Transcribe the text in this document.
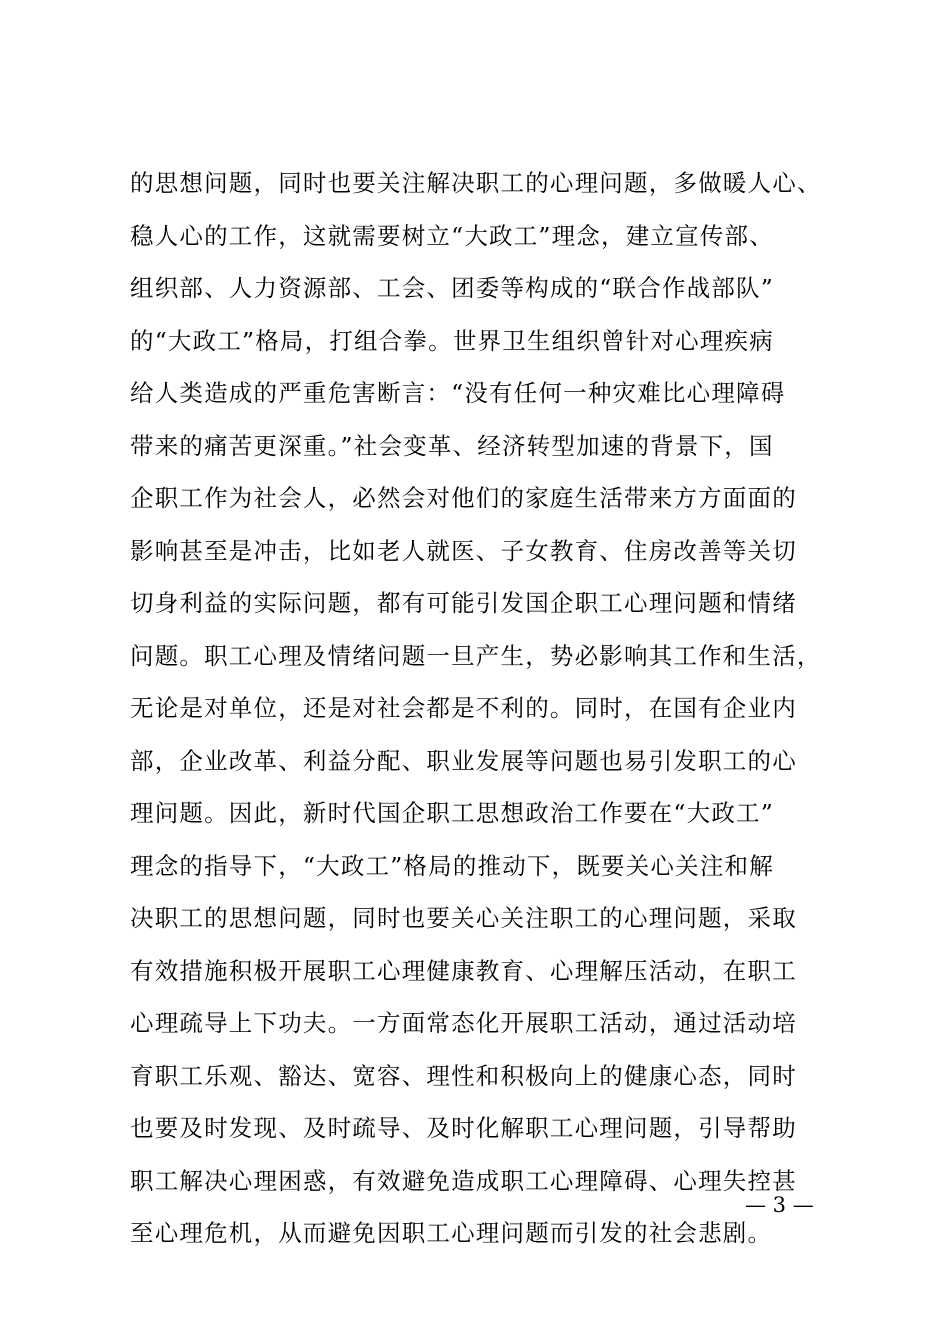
的思想问题，同时也要关注解决职工的心理问题，多做暖人心、
稳人心的工作，这就需要树立“大政工”理念，建立宣传部、
组织部、人力资源部、工会、团委等构成的“联合作战部队”
的“大政工”格局，打组合拳。世界卫生组织曾针对心理疾病
给人类造成的严重危害断言：“没有任何一种灾难比心理障碍
带来的痛苦更深重。”社会变革、经济转型加速的背景下，国
企职工作为社会人，必然会对他们的家庭生活带来方方面面的
影响甚至是冲击，比如老人就医、子女教育、住房改善等关切
切身利益的实际问题，都有可能引发国企职工心理问题和情绪
问题。职工心理及情绪问题一旦产生，势必影响其工作和生活，
无论是对单位，还是对社会都是不利的。同时，在国有企业内
部，企业改革、利益分配、职业发展等问题也易引发职工的心
理问题。因此，新时代国企职工思想政治工作要在“大政工”
理念的指导下，“大政工”格局的推动下，既要关心关注和解
决职工的思想问题，同时也要关心关注职工的心理问题，采取
有效措施积极开展职工心理健康教育、心理解压活动，在职工
心理疏导上下功夫。一方面常态化开展职工活动，通过活动培
育职工乐观、豁达、宽容、理性和积极向上的健康心态，同时
也要及时发现、及时疏导、及时化解职工心理问题，引导帮助
职工解决心理困惑，有效避免造成职工心理障碍、心理失控甚
至心理危机，从而避免因职工心理问题而引发的社会悲剧。
— 3 —
